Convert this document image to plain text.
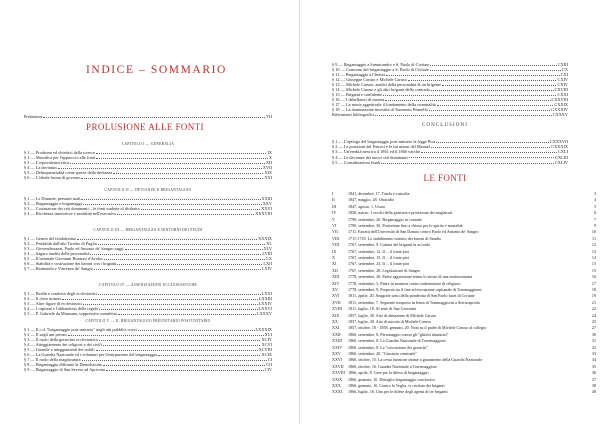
INDICE – SOMMARIO
Prefazione	VII
CAPITOLO I — GENERALIA
§ 1 — Prodromi ed obiettivi della ricerca	IX
§ 2 — Metodica per l'approccio alle fonti	X
§ 3 — L'equivalenza etica	XII
§ 4 — La devianza	XVII
§ 5 — Delinquenzialità come specie della devianza	XIX
§ 6 — L'ideale forma di governo	XXI
CAPITOLO II — DEVIANZE E BRIGANTAGGIO
§ 1 — Le Dinastie, presunti mali	XXIII
§ 2 — Brigantaggio e brigantaggi	XXV
§ 3 — Costruzione dei ceti dominanti – le fonti tradotte al dicibatto	XXVI
§ 4 — Ricchezza innovative e modalità nell'esecutivo	XXXVIII
CAPITOLO III — BRIGANTAGGIO E DINTORNI DEI FEUDI
§ 1 — Genesi del feudalesimo	XXXIX
§ 2 — Feudalità dall'alto Tirreho di Puglia	XL
§ 3 — Gioventhorazzi, Paolo ed Antonio de' Sangro saggi	XLV
§ 4 — Sagaro analisi della personalità	LVIII
§ 5 — Il baronale Giovanni Bonizzo d'Avalos	LX
§ 6 — Stabilità e costruzione dei baroni con i briganti	LXII
§ 7 — Raimondo e Vincenzo de' Sangro	LXIV
CAPITOLO IV — ASSENZIAZIONI ECCLESIASTICHE
§ 1 — Realtà e condotta degli ecclesiastici	LXXI
§ 2 — Il clero minore	LXXIII
§ 3 — Altre figure di ecclesiastici	LXXIV
§ 4 — I capitani e l'abbandono delle regole	LXXVI
§ 5 — P. Gabriele da Manzuna, soppressivo manifesto	LXXXV
CAPITOLO V — IL BRIGANTAGGIO PREUNITARIO POSTUNITARIO
§ 1 — Il c.d. "brigantaggio post-unitario" negli atti pubblici coevi	LXXXIX
§ 2 — Il sugli uni privati	XCI
§ 3 — Il ruolo della gerarchia ecclesiastica	XCIV
§ 4 — Atteggiamento dei religiosi e dei civili	XCVI
§ 5 — Guardie e atteggiamenti dei nobili	XCVIII
§ 6 — La Guardia Nazionale ed i volontari per l'estirpazione del brigantaggio	XCIX
§ 7 — Il ruolo della magistratura	CI
§ 8 — Brigantaggio difforme la Demolizione	CII
§ 9 — Brigantaggio di San Severo ad Apricena	CIV
PROLUSIONE ALLE FONTI
§ 9 — Brigantaggio a Sannicandro e S. Paolo di Civitate	CXIII
§ 10 — Contorno del brigantaggio a S. Paolo di Civitate	CX
§ 11 — Brigantaggio a Chieuti	CXI
§ 12 — Giuseppe Caruso e Michele Caruso	CXIV
§ 13 — Michele Caruso: analisi della personalità di un brigante	CXIV
§ 14 — Michele Caruso e gli altri briganti della contrada	CXVIII
§ 15 — Briganti e confidente	CXXI
§ 16 — I debellatori di marina	CXXVIII
§ 17 — La morte aggettivale il fondamento della criminalità	CXXIX
§ 18 — La dominazione investita di Tommaso Pennello	CXXXIV
Riferimenti bibliografici	CXXXV
§ 1 — L'epilogo del brigantaggio post-unitario la legge Pica	CXXXVII
§ 2 — Le posizioni del Parroci e le istruzioni del Manuel	CXXXIX
§ 3 — Un'eredità nera tra il 1861 ed il 1866 vacche	CXLI
§ 4 — Le devianze dei nuovi ceti dominanti	CXLIII
§ 5 — Considerazioni finali	CXLIV
CONCLUSIONI
LE FONTI
I	1841, dicembre, 17. Tutela e custodia	3
II	1847, maggio, 28. Omicidio	4
III	1847, agosto, 1. Usura	5
IV	1850, marzo. I vecchi della giustizia e protezione dei magistrati	6
V	1790, settembre, 20. Brigantaggio in contado	7
VI	1790, settembre, 30. Protezione fino a chiuso per lo spirito e mortalità	9
VII	1711. Estratti dell'Università di San Donato contro Paolo ed Antonio de' Sangro	10
VIII	1711-1718. Lo stabilimento transito dei baroni di Sandro	11
VIII	1767, settembre, 9. Cattura dei briganti in accordo	12
IX	1767, settembre, 12. Il ... il fonte pioi	13
X	1767, settembre, 15. Il ... il fonte pioi	14
XI	1767, settembre, 23. Il ... il fonte pioi	15
XII	1767, settembre, 28. Legislazione di Sangro	15
XIII	1778, settembre, 20. Padre aggressione tentar lo stesso di una testimonianza	16
XIV	1778, settembre, 3. Padre in maniera contro indemoniato di religioso	17
XV	1778, settembre, 9. Proposta tra il fine ad esecuzione capitanale di Tommaggiorni	18
XVI	1811, aprile, 20. Anagrafe sotto della ponderata di San Paolo fuori di Civitate	19
XVII	1811, settembre, 7. Seguente trasporto in lenea di Tommaggiorni a Serracapriola	21
XVIII	1811, luglio, 18. Al seno di San Giovanni	22
XIX	1857, luglio, 30. Atto di abitazione di Michele Caruso	24
XX	1857, luglio, 30. Atto di nascita di Michele Caruso	25
XXI	1857, ottobre, 10 - 1858, gennaio, 20. Nota su il padre di Michele Caruso al collegio	27
XXII	1860, settembre, 8. Personaggio contro gli "ghiotti infaturati"	30
XXIII	1860, settembre, 8. La Guardia Nazionale di Torremaggiore	31
XXIV	1860, settembre, 8. La "coscrizione dei gerarchi"	32
XXV	1860, settembre, 20. "Giustizia criminale"	33
XXVI	1860, ottobre, 15. La cessa funzione intime a giuramento della Guardia Nazionale	34
XXVII	1860, ottobre, 16. Guardia Nazionale a Torremaggiore	35
XXVIII 1866, aprile, 8. Gree per la difesa di brigantaggio	36
XXIX	1866, gennaio, 10. Dettaglio brigantaggio conclusivo	37
XXX	1866, gennaio, 16. Contro la Veglia, vi risoluto dei briganti	38
XXXI	1866, luglio, 16. Uno per le difese degli agenti di tre briganti	40
